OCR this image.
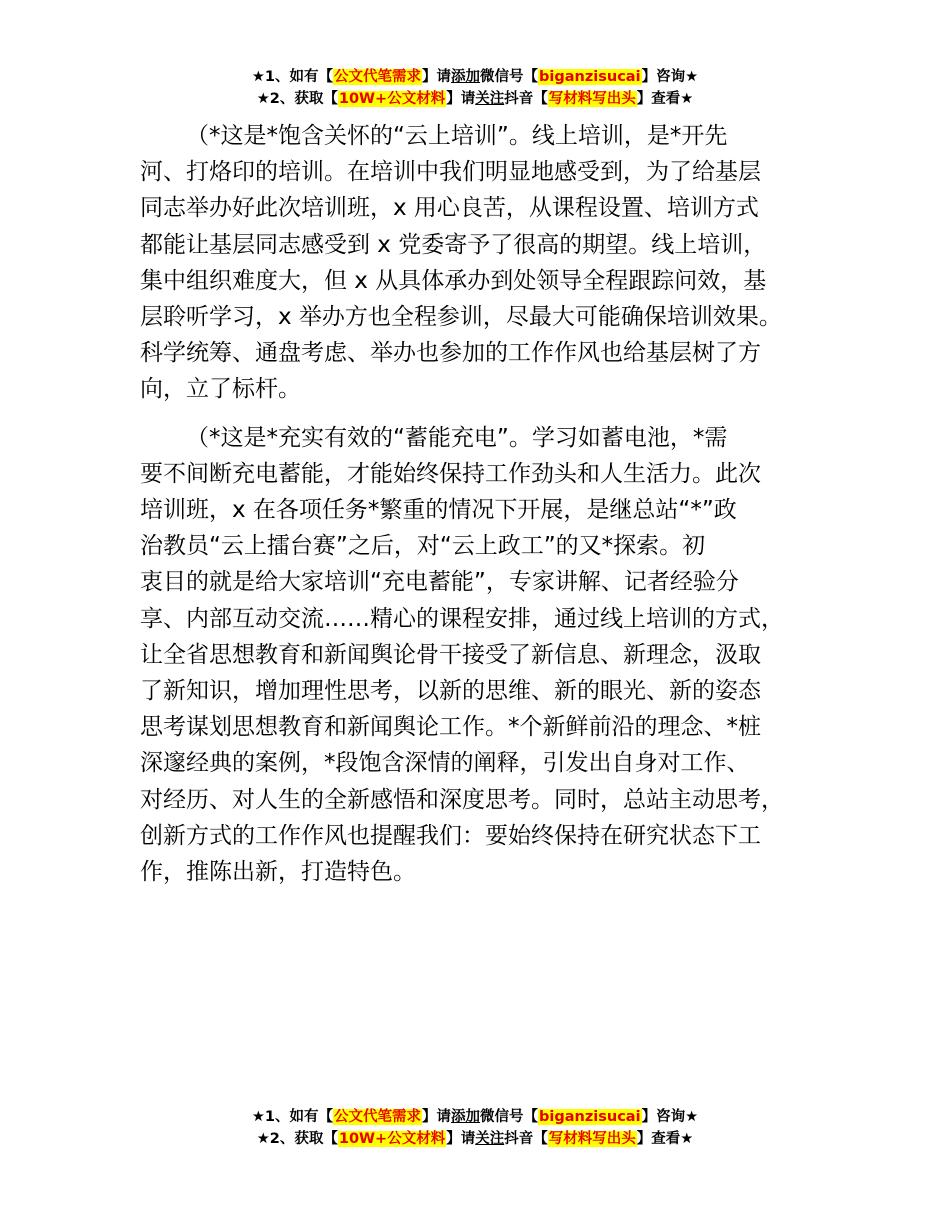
★1、如有【公文代笔需求】请添加微信号【biganzisucai】咨询★
★2、获取【10W+公文材料】请关注抖音【写材料写出头】查看★

（*这是*饱含关怀的“云上培训”。线上培训，是*开先
河、打烙印的培训。在培训中我们明显地感受到，为了给基层
同志举办好此次培训班，x 用心良苦，从课程设置、培训方式
都能让基层同志感受到 x 党委寄予了很高的期望。线上培训，
集中组织难度大，但 x 从具体承办到处领导全程跟踪问效，基
层聆听学习，x 举办方也全程参训，尽最大可能确保培训效果。
科学统筹、通盘考虑、举办也参加的工作作风也给基层树了方
向，立了标杆。

（*这是*充实有效的“蓄能充电”。学习如蓄电池，*需
要不间断充电蓄能，才能始终保持工作劲头和人生活力。此次
培训班，x 在各项任务*繁重的情况下开展，是继总站“*”政
治教员“云上擂台赛”之后，对“云上政工”的又*探索。初
衷目的就是给大家培训“充电蓄能”，专家讲解、记者经验分
享、内部互动交流……精心的课程安排，通过线上培训的方式，
让全省思想教育和新闻舆论骨干接受了新信息、新理念，汲取
了新知识，增加理性思考，以新的思维、新的眼光、新的姿态
思考谋划思想教育和新闻舆论工作。*个新鲜前沿的理念、*桩
深邃经典的案例，*段饱含深情的阐释，引发出自身对工作、
对经历、对人生的全新感悟和深度思考。同时，总站主动思考，
创新方式的工作作风也提醒我们：要始终保持在研究状态下工
作，推陈出新，打造特色。

★1、如有【公文代笔需求】请添加微信号【biganzisucai】咨询★
★2、获取【10W+公文材料】请关注抖音【写材料写出头】查看★
